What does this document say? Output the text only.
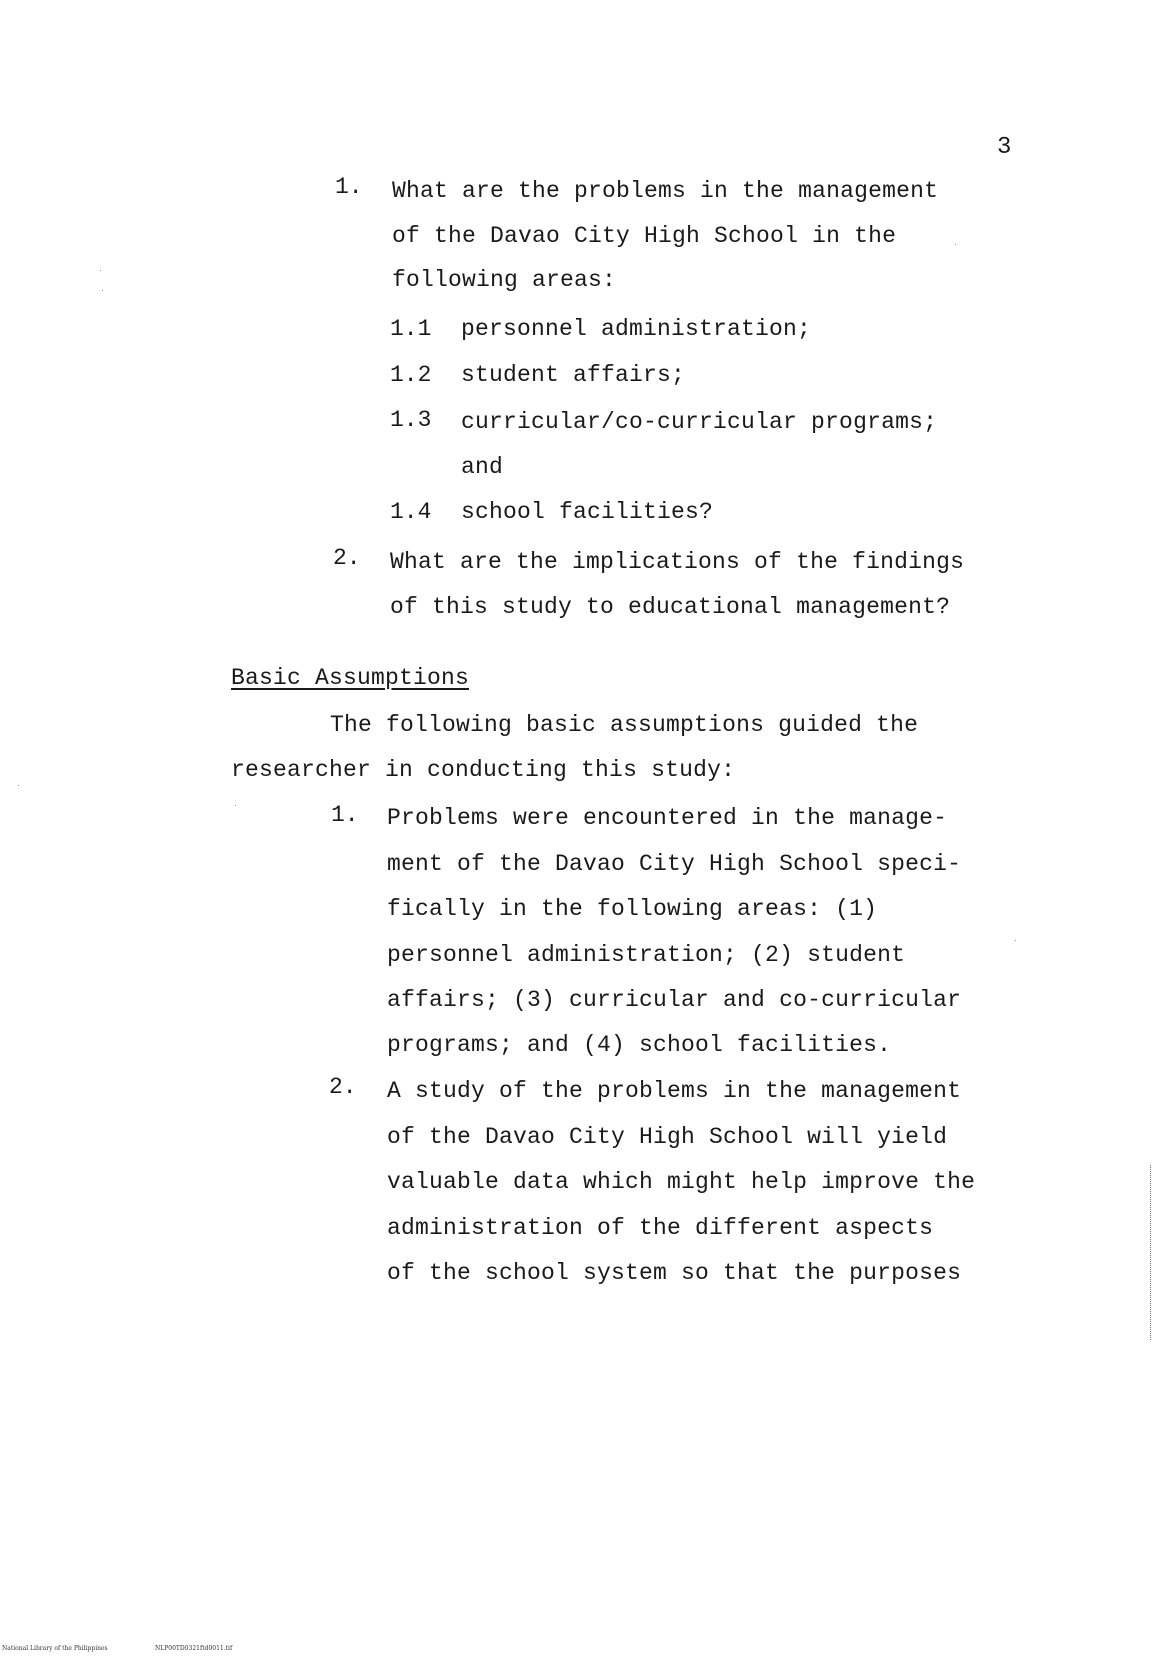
3
1. What are the problems in the management
of the Davao City High School in the
following areas:
1.1 personnel administration;
1.2 student affairs;
1.3 curricular/co-curricular programs;
and
1.4 school facilities?
2. What are the implications of the findings
of this study to educational management?
Basic Assumptions
The following basic assumptions guided the
researcher in conducting this study:
1. Problems were encountered in the manage-
ment of the Davao City High School speci-
fically in the following areas: (1)
personnel administration; (2) student
affairs; (3) curricular and co-curricular
programs; and (4) school facilities.
2. A study of the problems in the management
of the Davao City High School will yield
valuable data which might help improve the
administration of the different aspects
of the school system so that the purposes
National Library of the Philippines	NLP00TD0321ftd0011.tif
